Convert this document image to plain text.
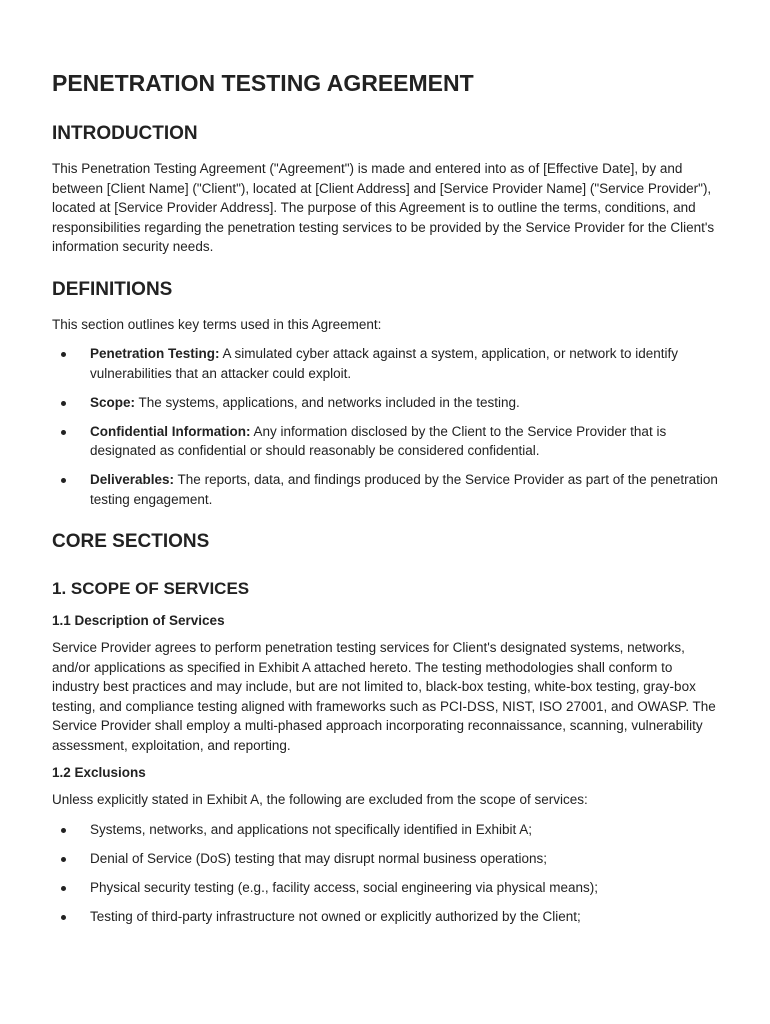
PENETRATION TESTING AGREEMENT
INTRODUCTION

This Penetration Testing Agreement ("Agreement") is made and entered into as of [Effective Date], by and between [Client Name] ("Client"), located at [Client Address] and [Service Provider Name] ("Service Provider"), located at [Service Provider Address]. The purpose of this Agreement is to outline the terms, conditions, and responsibilities regarding the penetration testing services to be provided by the Service Provider for the Client's information security needs.

DEFINITIONS

This section outlines key terms used in this Agreement:

Penetration Testing: A simulated cyber attack against a system, application, or network to identify vulnerabilities that an attacker could exploit.
Scope: The systems, applications, and networks included in the testing.
Confidential Information: Any information disclosed by the Client to the Service Provider that is designated as confidential or should reasonably be considered confidential.
Deliverables: The reports, data, and findings produced by the Service Provider as part of the penetration testing engagement.
CORE SECTIONS
1. SCOPE OF SERVICES
1.1 Description of Services

Service Provider agrees to perform penetration testing services for Client's designated systems, networks, and/or applications as specified in Exhibit A attached hereto. The testing methodologies shall conform to industry best practices and may include, but are not limited to, black-box testing, white-box testing, gray-box testing, and compliance testing aligned with frameworks such as PCI-DSS, NIST, ISO 27001, and OWASP. The Service Provider shall employ a multi-phased approach incorporating reconnaissance, scanning, vulnerability assessment, exploitation, and reporting.

1.2 Exclusions

Unless explicitly stated in Exhibit A, the following are excluded from the scope of services:

Systems, networks, and applications not specifically identified in Exhibit A;
Denial of Service (DoS) testing that may disrupt normal business operations;
Physical security testing (e.g., facility access, social engineering via physical means);
Testing of third-party infrastructure not owned or explicitly authorized by the Client;
